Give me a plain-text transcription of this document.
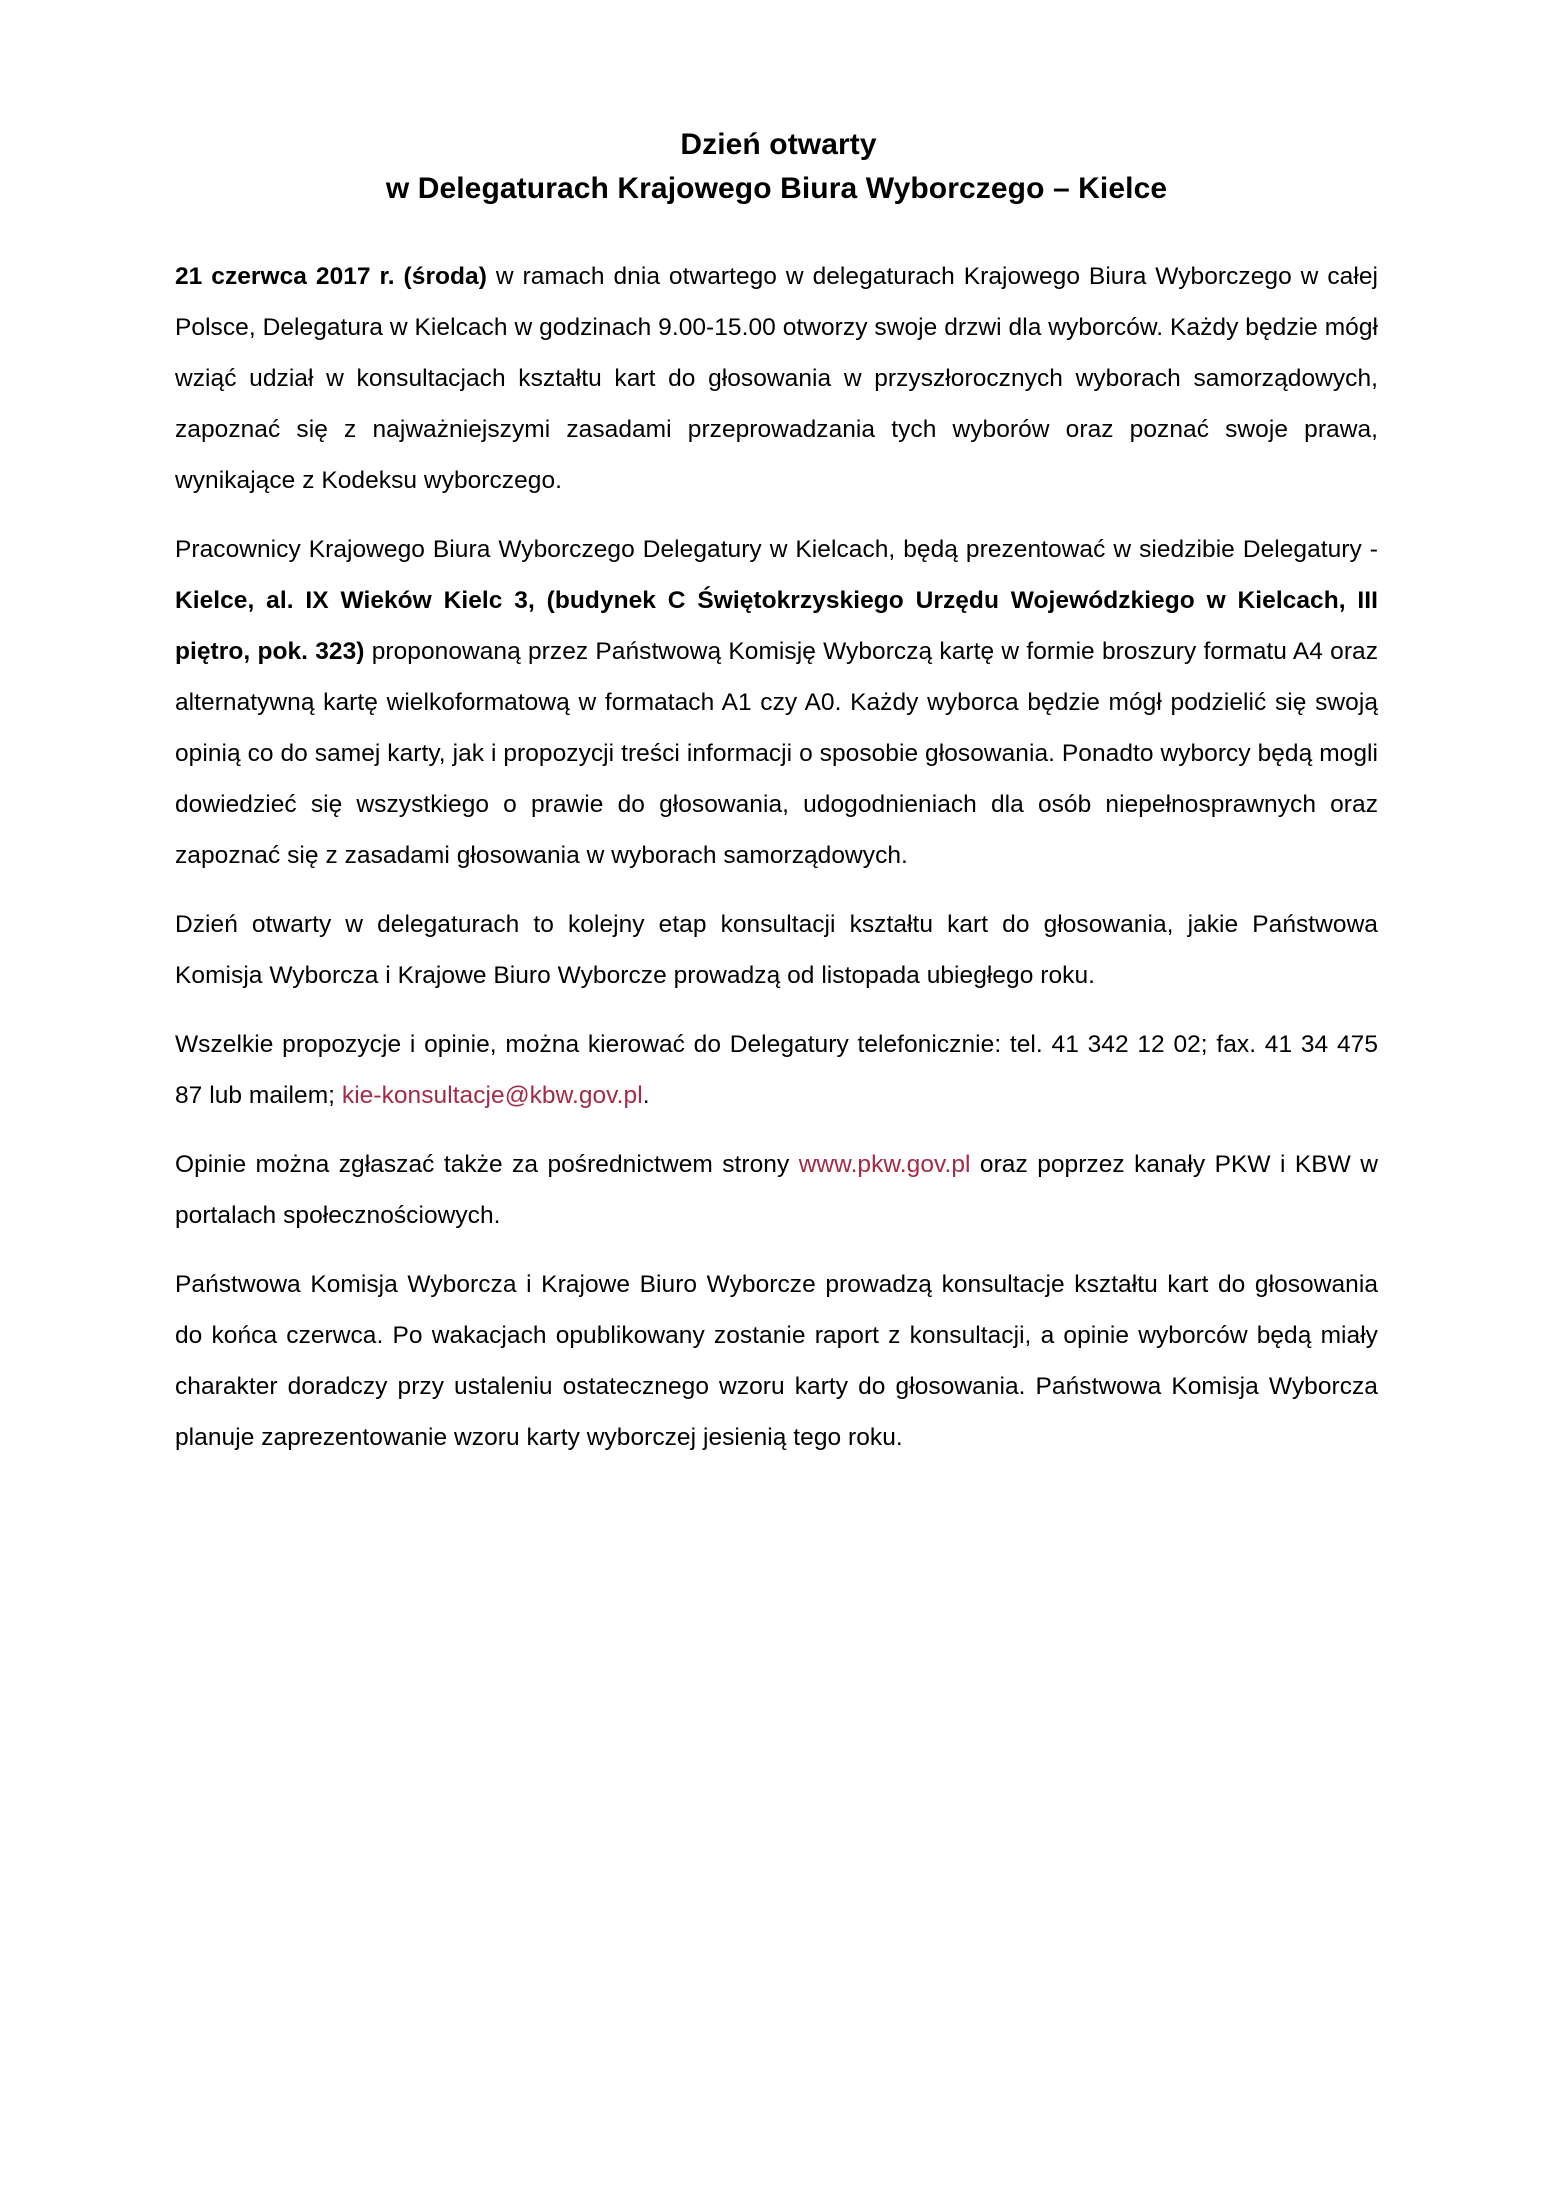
Dzień otwarty
w Delegaturach Krajowego Biura Wyborczego – Kielce

21 czerwca 2017 r. (środa) w ramach dnia otwartego w delegaturach Krajowego Biura Wyborczego w całej Polsce, Delegatura w Kielcach w godzinach 9.00-15.00 otworzy swoje drzwi dla wyborców. Każdy będzie mógł wziąć udział w konsultacjach kształtu kart do głosowania w przyszłorocznych wyborach samorządowych, zapoznać się z najważniejszymi zasadami przeprowadzania tych wyborów oraz poznać swoje prawa, wynikające z Kodeksu wyborczego.

Pracownicy Krajowego Biura Wyborczego Delegatury w Kielcach, będą prezentować w siedzibie Delegatury - Kielce, al. IX Wieków Kielc 3, (budynek C Świętokrzyskiego Urzędu Wojewódzkiego w Kielcach, III piętro, pok. 323) proponowaną przez Państwową Komisję Wyborczą kartę w formie broszury formatu A4 oraz alternatywną kartę wielkoformatową w formatach A1 czy A0. Każdy wyborca będzie mógł podzielić się swoją opinią co do samej karty, jak i propozycji treści informacji o sposobie głosowania. Ponadto wyborcy będą mogli dowiedzieć się wszystkiego o prawie do głosowania, udogodnieniach dla osób niepełnosprawnych oraz zapoznać się z zasadami głosowania w wyborach samorządowych.

Dzień otwarty w delegaturach to kolejny etap konsultacji kształtu kart do głosowania, jakie Państwowa Komisja Wyborcza i Krajowe Biuro Wyborcze prowadzą od listopada ubiegłego roku.

Wszelkie propozycje i opinie, można kierować do Delegatury telefonicznie: tel. 41 342 12 02; fax. 41 34 475 87 lub mailem; kie-konsultacje@kbw.gov.pl.

Opinie można zgłaszać także za pośrednictwem strony www.pkw.gov.pl oraz poprzez kanały PKW i KBW w portalach społecznościowych.

Państwowa Komisja Wyborcza i Krajowe Biuro Wyborcze prowadzą konsultacje kształtu kart do głosowania do końca czerwca. Po wakacjach opublikowany zostanie raport z konsultacji, a opinie wyborców będą miały charakter doradczy przy ustaleniu ostatecznego wzoru karty do głosowania. Państwowa Komisja Wyborcza planuje zaprezentowanie wzoru karty wyborczej jesienią tego roku.
